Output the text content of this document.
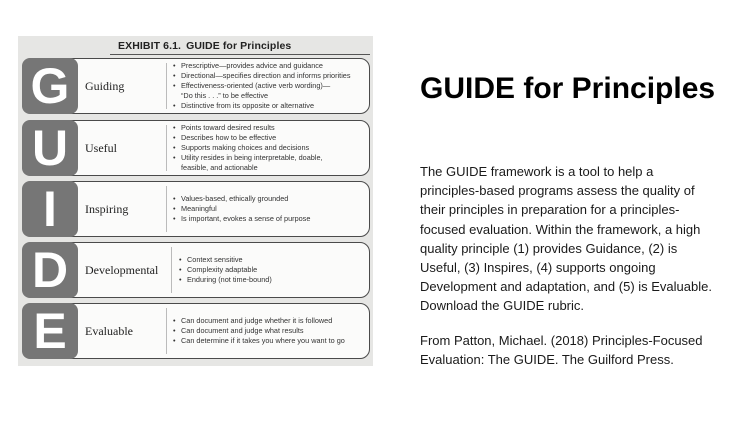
EXHIBIT 6.1. GUIDE for Principles
G	Guiding
• Prescriptive—provides advice and guidance
• Directional—specifies direction and informs priorities
• Effectiveness-oriented (active verb wording)—
“Do this . . .” to be effective
• Distinctive from its opposite or alternative
U	Useful
• Points toward desired results
• Describes how to be effective
• Supports making choices and decisions
• Utility resides in being interpretable, doable,
feasible, and actionable
I	Inspiring
• Values-based, ethically grounded
• Meaningful
• Is important, evokes a sense of purpose
D	Developmental
• Context sensitive
• Complexity adaptable
• Enduring (not time-bound)
E	Evaluable
• Can document and judge whether it is followed
• Can document and judge what results
• Can determine if it takes you where you want to go
GUIDE for Principles

The GUIDE framework is a tool to help a principles-based programs assess the quality of their principles in preparation for a principles-focused evaluation. Within the framework, a high quality principle (1) provides Guidance, (2) is Useful, (3) Inspires, (4) supports ongoing Development and adaptation, and (5) is Evaluable. Download the GUIDE rubric.

From Patton, Michael. (2018) Principles-Focused Evaluation: The GUIDE. The Guilford Press.
